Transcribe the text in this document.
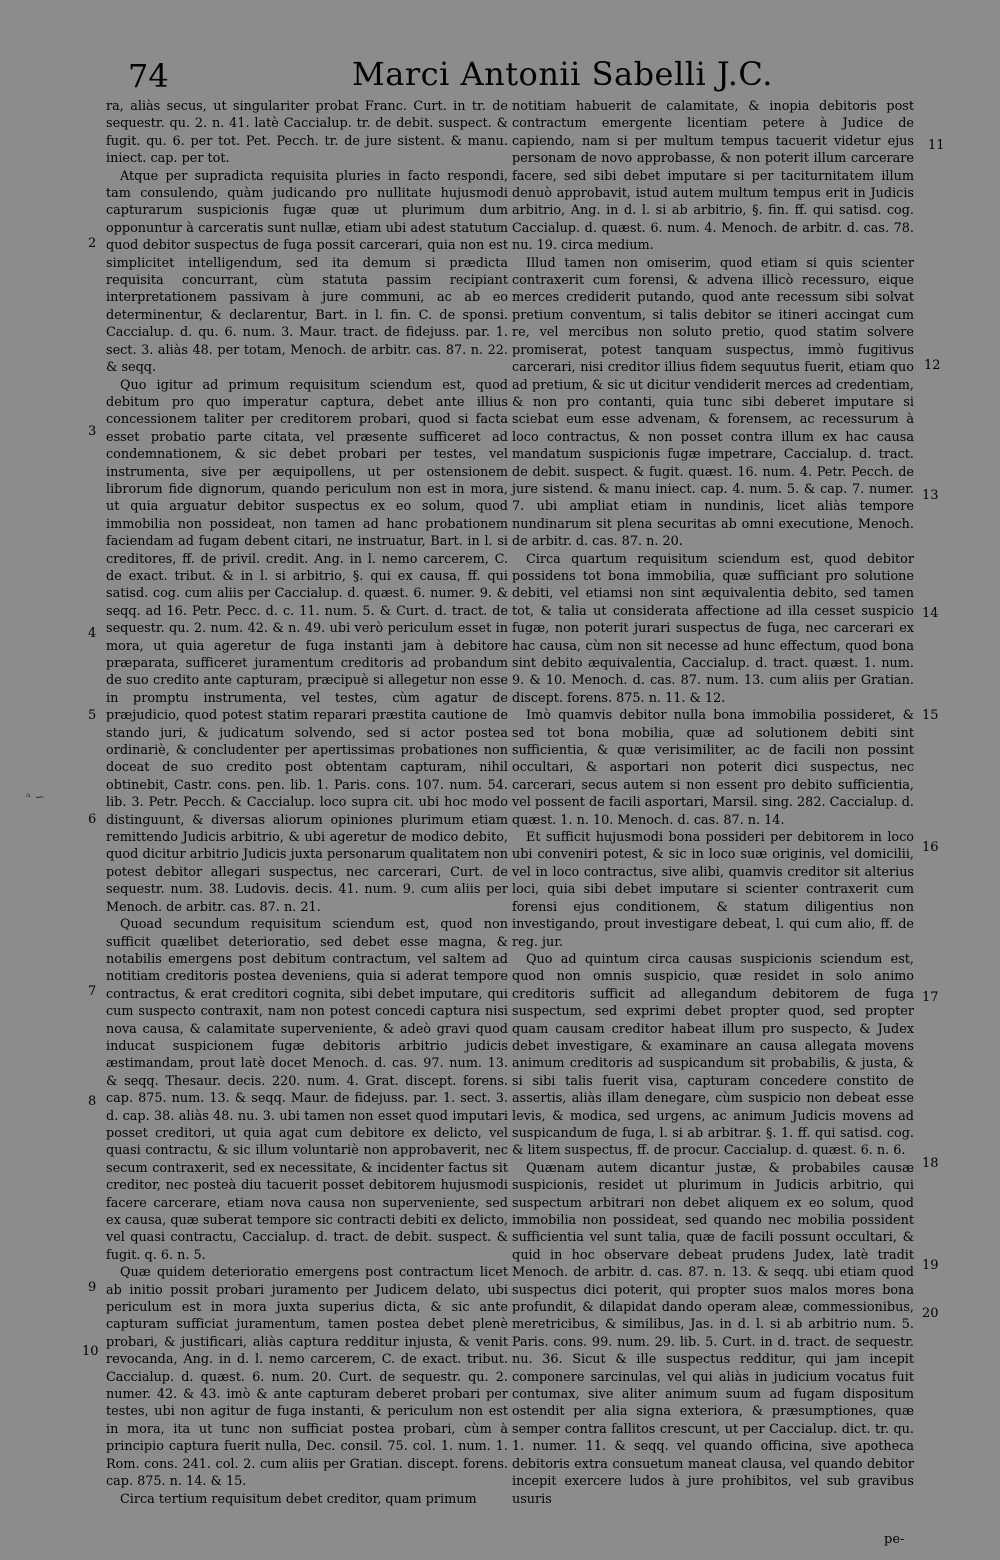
74	Marci Antonii Sabelli J.C.

ra, aliàs secus, ut singulariter probat Franc. Curt. in tr. de sequestr. qu. 2. n. 41. latè Caccialup. tr. de debit. suspect. & fugit. qu. 6. per tot. Pet. Pecch. tr. de jure sistent. & manu. iniect. cap. per tot.

Atque per supradicta requisita pluries in facto respondi, tam consulendo, quàm judicando pro nullitate hujusmodi capturarum suspicionis fugæ quæ ut plurimum dum opponuntur à carceratis sunt nullæ, etiam ubi adest statutum quod debitor suspectus de fuga possit carcerari, quia non est simplicitet intelligendum, sed ita demum si prædicta requisita concurrant, cùm statuta passim recipiant interpretationem passivam à jure communi, ac ab eo determinentur, & declarentur, Bart. in l. fin. C. de sponsi. Caccialup. d. qu. 6. num. 3. Maur. tract. de fidejuss. par. 1. sect. 3. aliàs 48. per totam, Menoch. de arbitr. cas. 87. n. 22. & seqq.

Quo igitur ad primum requisitum sciendum est, quod debitum pro quo imperatur captura, debet ante illius concessionem taliter per creditorem probari, quod si facta esset probatio parte citata, vel præsente sufficeret ad condemnationem, & sic debet probari per testes, vel instrumenta, sive per æquipollens, ut per ostensionem librorum fide dignorum, quando periculum non est in mora, ut quia arguatur debitor suspectus ex eo solum, quod immobilia non possideat, non tamen ad hanc probationem faciendam ad fugam debent citari, ne instruatur, Bart. in l. si creditores, ff. de privil. credit. Ang. in l. nemo carcerem, C. de exact. tribut. & in l. si arbitrio, §. qui ex causa, ff. qui satisd. cog. cum aliis per Caccialup. d. quæst. 6. numer. 9. & seqq. ad 16. Petr. Pecc. d. c. 11. num. 5. & Curt. d. tract. de sequestr. qu. 2. num. 42. & n. 49. ubi verò periculum esset in mora, ut quia ageretur de fuga instanti jam à debitore præparata, sufficeret juramentum creditoris ad probandum de suo credito ante capturam, præcipuè si allegetur non esse in promptu instrumenta, vel testes, cùm agatur de præjudicio, quod potest statim reparari præstita cautione de stando juri, & judicatum solvendo, sed si actor postea ordinariè, & concludenter per apertissimas probationes non doceat de suo credito post obtentam capturam, nihil obtinebit, Castr. cons. pen. lib. 1. Paris. cons. 107. num. 54. lib. 3. Petr. Pecch. & Caccialup. loco supra cit. ubi hoc modo distinguunt, & diversas aliorum opiniones plurimum etiam remittendo Judicis arbitrio, & ubi ageretur de modico debito, quod dicitur arbitrio Judicis juxta personarum qualitatem non potest debitor allegari suspectus, nec carcerari, Curt. de sequestr. num. 38. Ludovis. decis. 41. num. 9. cum aliis per Menoch. de arbitr. cas. 87. n. 21.

Quoad secundum requisitum sciendum est, quod non sufficit quælibet deterioratio, sed debet esse magna, & notabilis emergens post debitum contractum, vel saltem ad notitiam creditoris postea deveniens, quia si aderat tempore contractus, & erat creditori cognita, sibi debet imputare, qui cum suspecto contraxit, nam non potest concedi captura nisi nova causa, & calamitate superveniente, & adeò gravi quod inducat suspicionem fugæ debitoris arbitrio judicis æstimandam, prout latè docet Menoch. d. cas. 97. num. 13. & seqq. Thesaur. decis. 220. num. 4. Grat. discept. forens. cap. 875. num. 13. & seqq. Maur. de fidejuss. par. 1. sect. 3. d. cap. 38. aliàs 48. nu. 3. ubi tamen non esset quod imputari posset creditori, ut quia agat cum debitore ex delicto, vel quasi contractu, & sic illum voluntariè non approbaverit, nec secum contraxerit, sed ex necessitate, & incidenter factus sit creditor, nec posteà diu tacuerit posset debitorem hujusmodi facere carcerare, etiam nova causa non superveniente, sed ex causa, quæ suberat tempore sic contracti debiti ex delicto, vel quasi contractu, Caccialup. d. tract. de debit. suspect. & fugit. q. 6. n. 5.

Quæ quidem deterioratio emergens post contractum licet ab initio possit probari juramento per Judicem delato, ubi periculum est in mora juxta superius dicta, & sic ante capturam sufficiat juramentum, tamen postea debet plenè probari, & justificari, aliàs captura redditur injusta, & venit revocanda, Ang. in d. l. nemo carcerem, C. de exact. tribut. Caccialup. d. quæst. 6. num. 20. Curt. de sequestr. qu. 2. numer. 42. & 43. imò & ante capturam deberet probari per testes, ubi non agitur de fuga instanti, & periculum non est in mora, ita ut tunc non sufficiat postea probari, cùm à principio captura fuerit nulla, Dec. consil. 75. col. 1. num. 1. Rom. cons. 241. col. 2. cum aliis per Gratian. discept. forens. cap. 875. n. 14. & 15.

Circa tertium requisitum debet creditor, quam primum

notitiam habuerit de calamitate, & inopia debitoris post contractum emergente licentiam petere à Judice de capiendo, nam si per multum tempus tacuerit videtur ejus personam de novo approbasse, & non poterit illum carcerare facere, sed sibi debet imputare si per taciturnitatem illum denuò approbavit, istud autem multum tempus erit in Judicis arbitrio, Ang. in d. l. si ab arbitrio, §. fin. ff. qui satisd. cog. Caccialup. d. quæst. 6. num. 4. Menoch. de arbitr. d. cas. 78. nu. 19. circa medium.

Illud tamen non omiserim, quod etiam si quis scienter contraxerit cum forensi, & advena illicò recessuro, eique merces crediderit putando, quod ante recessum sibi solvat pretium conventum, si talis debitor se itineri accingat cum re, vel mercibus non soluto pretio, quod statim solvere promiserat, potest tanquam suspectus, immò fugitivus carcerari, nisi creditor illius fidem sequutus fuerit, etiam quo ad pretium, & sic ut dicitur vendiderit merces ad credentiam, & non pro contanti, quia tunc sibi deberet imputare si sciebat eum esse advenam, & forensem, ac recessurum à loco contractus, & non posset contra illum ex hac causa mandatum suspicionis fugæ impetrare, Caccialup. d. tract. de debit. suspect. & fugit. quæst. 16. num. 4. Petr. Pecch. de jure sistend. & manu iniect. cap. 4. num. 5. & cap. 7. numer. 7. ubi ampliat etiam in nundinis, licet aliàs tempore nundinarum sit plena securitas ab omni executione, Menoch. de arbitr. d. cas. 87. n. 20.

Circa quartum requisitum sciendum est, quod debitor possidens tot bona immobilia, quæ sufficiant pro solutione debiti, vel etiamsi non sint æquivalentia debito, sed tamen tot, & talia ut considerata affectione ad illa cesset suspicio fugæ, non poterit jurari suspectus de fuga, nec carcerari ex hac causa, cùm non sit necesse ad hunc effectum, quod bona sint debito æquivalentia, Caccialup. d. tract. quæst. 1. num. 9. & 10. Menoch. d. cas. 87. num. 13. cum aliis per Gratian. discept. forens. 875. n. 11. & 12.

Imò quamvis debitor nulla bona immobilia possideret, & sed tot bona mobilia, quæ ad solutionem debiti sint sufficientia, & quæ verisimiliter, ac de facili non possint occultari, & asportari non poterit dici suspectus, nec carcerari, secus autem si non essent pro debito sufficientia, vel possent de facili asportari, Marsil. sing. 282. Caccialup. d. quæst. 1. n. 10. Menoch. d. cas. 87. n. 14.

Et sufficit hujusmodi bona possideri per debitorem in loco ubi conveniri potest, & sic in loco suæ originis, vel domicilii, vel in loco contractus, sive alibi, quamvis creditor sit alterius loci, quia sibi debet imputare si scienter contraxerit cum forensi ejus conditionem, & statum diligentius non investigando, prout investigare debeat, l. qui cum alio, ff. de reg. jur.

Quo ad quintum circa causas suspicionis sciendum est, quod non omnis suspicio, quæ residet in solo animo creditoris sufficit ad allegandum debitorem de fuga suspectum, sed exprimi debet propter quod, sed propter quam causam creditor habeat illum pro suspecto, & Judex debet investigare, & examinare an causa allegata movens animum creditoris ad suspicandum sit probabilis, & justa, & si sibi talis fuerit visa, capturam concedere constito de assertis, aliàs illam denegare, cùm suspicio non debeat esse levis, & modica, sed urgens, ac animum Judicis movens ad suspicandum de fuga, l. si ab arbitrar. §. 1. ff. qui satisd. cog. & litem suspectus, ff. de procur. Caccialup. d. quæst. 6. n. 6.

Quænam autem dicantur justæ, & probabiles causæ suspicionis, residet ut plurimum in Judicis arbitrio, qui suspectum arbitrari non debet aliquem ex eo solum, quod immobilia non possideat, sed quando nec mobilia possident sufficientia vel sunt talia, quæ de facili possunt occultari, & quid in hoc observare debeat prudens Judex, latè tradit Menoch. de arbitr. d. cas. 87. n. 13. & seqq. ubi etiam quod suspectus dici poterit, qui propter suos malos mores bona profundit, & dilapidat dando operam aleæ, commessionibus, meretricibus, & similibus, Jas. in d. l. si ab arbitrio num. 5. Paris. cons. 99. num. 29. lib. 5. Curt. in d. tract. de sequestr. nu. 36. Sicut & ille suspectus redditur, qui jam incepit componere sarcinulas, vel qui aliàs in judicium vocatus fuit contumax, sive aliter animum suum ad fugam dispositum ostendit per alia signa exteriora, & præsumptiones, quæ semper contra fallitos crescunt, ut per Caccialup. dict. tr. qu. 1. numer. 11. & seqq. vel quando officina, sive apotheca debitoris extra consuetum maneat clausa, vel quando debitor incepit exercere ludos à jure prohibitos, vel sub gravibus usuris

2
3
4
5
6
7
8
9
10
11
12
13
14
15
16
17
18
19
20
pe-
ᵃ ∽
